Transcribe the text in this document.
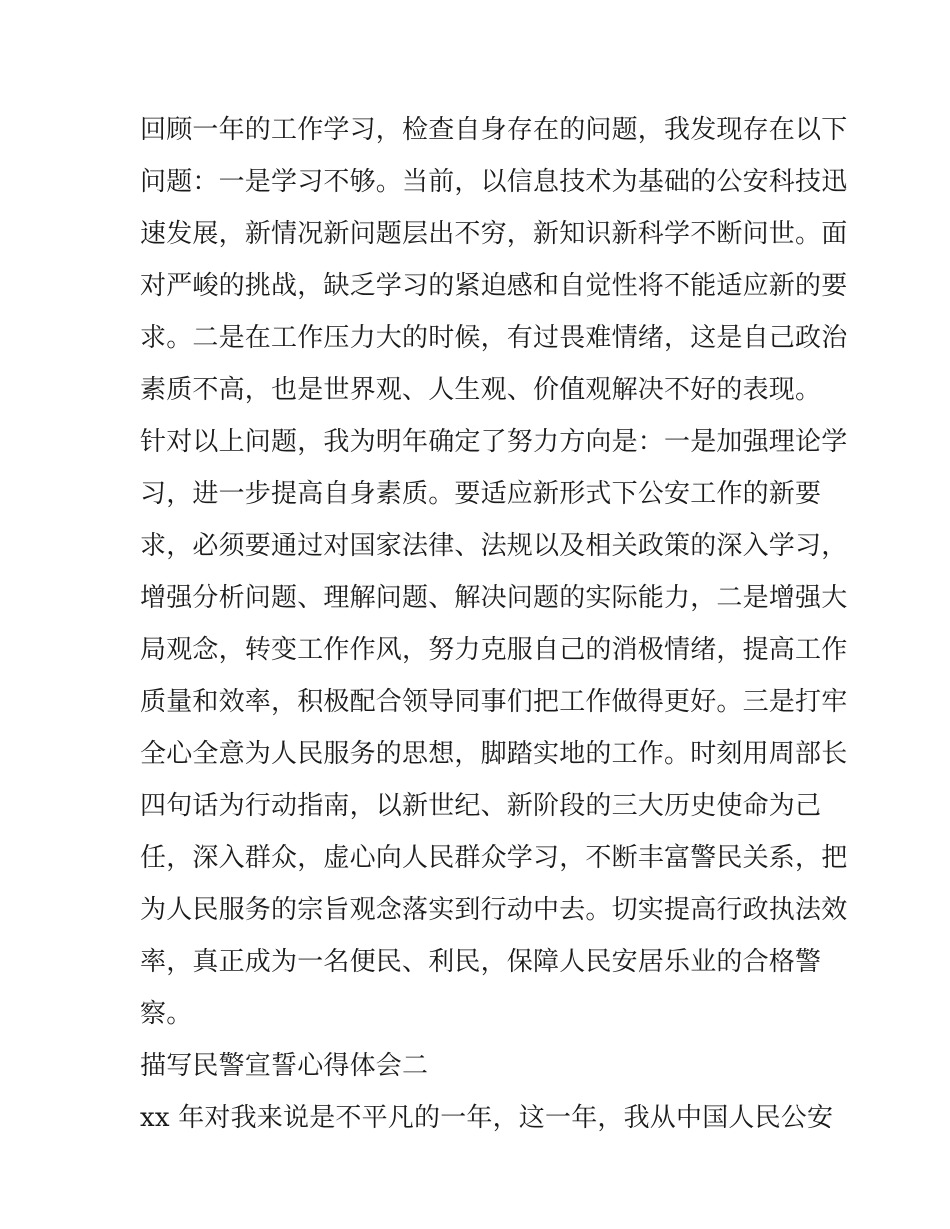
回顾一年的工作学习，检查自身存在的问题，我发现存在以下
问题：一是学习不够。当前，以信息技术为基础的公安科技迅
速发展，新情况新问题层出不穷，新知识新科学不断问世。面
对严峻的挑战，缺乏学习的紧迫感和自觉性将不能适应新的要
求。二是在工作压力大的时候，有过畏难情绪，这是自己政治
素质不高，也是世界观、人生观、价值观解决不好的表现。
针对以上问题，我为明年确定了努力方向是：一是加强理论学
习，进一步提高自身素质。要适应新形式下公安工作的新要
求，必须要通过对国家法律、法规以及相关政策的深入学习，
增强分析问题、理解问题、解决问题的实际能力，二是增强大
局观念，转变工作作风，努力克服自己的消极情绪，提高工作
质量和效率，积极配合领导同事们把工作做得更好。三是打牢
全心全意为人民服务的思想，脚踏实地的工作。时刻用周部长
四句话为行动指南，以新世纪、新阶段的三大历史使命为己
任，深入群众，虚心向人民群众学习，不断丰富警民关系，把
为人民服务的宗旨观念落实到行动中去。切实提高行政执法效
率，真正成为一名便民、利民，保障人民安居乐业的合格警
察。
描写民警宣誓心得体会二
xx 年对我来说是不平凡的一年，这一年，我从中国人民公安
